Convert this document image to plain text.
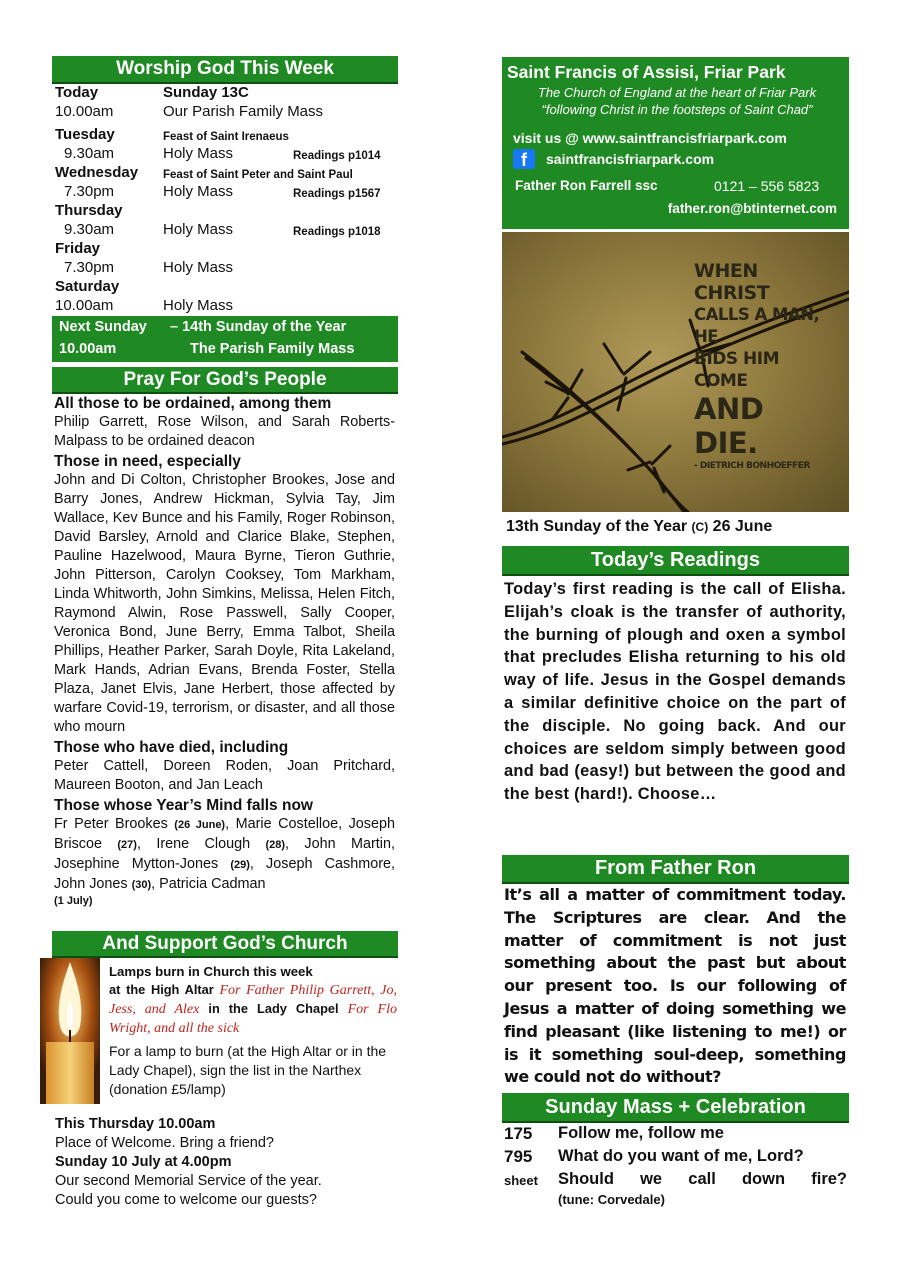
Worship God This Week
Today	Sunday 13C
10.00am	Our Parish Family Mass
Tuesday	Feast of Saint Irenaeus
9.30am	Holy Mass	Readings p1014
Wednesday Feast of Saint Peter and Saint Paul
7.30pm	Holy Mass	Readings p1567
Thursday
9.30am	Holy Mass	Readings p1018
Friday
7.30pm	Holy Mass
Saturday
10.00am	Holy Mass
Next Sunday – 14th Sunday of the Year
10.00am	The Parish Family Mass
Pray For God’s People
All those to be ordained, among them
Philip Garrett, Rose Wilson, and Sarah Roberts-Malpass to be ordained deacon
Those in need, especially
John and Di Colton, Christopher Brookes, Jose and Barry Jones, Andrew Hickman, Sylvia Tay, Jim Wallace, Kev Bunce and his Family, Roger Robinson, David Barsley, Arnold and Clarice Blake, Stephen, Pauline Hazelwood, Maura Byrne, Tieron Guthrie, John Pitterson, Carolyn Cooksey, Tom Markham, Linda Whitworth, John Simkins, Melissa, Helen Fitch, Raymond Alwin, Rose Passwell, Sally Cooper, Veronica Bond, June Berry, Emma Talbot, Sheila Phillips, Heather Parker, Sarah Doyle, Rita Lakeland, Mark Hands, Adrian Evans, Brenda Foster, Stella Plaza, Janet Elvis, Jane Herbert, those affected by warfare Covid-19, terrorism, or disaster, and all those who mourn
Those who have died, including
Peter Cattell, Doreen Roden, Joan Pritchard, Maureen Booton, and Jan Leach
Those whose Year’s Mind falls now
Fr Peter Brookes (26 June), Marie Costelloe, Joseph Briscoe (27), Irene Clough (28), John Martin, Josephine Mytton-Jones (29), Joseph Cashmore, John Jones (30), Patricia Cadman
(1 July)
And Support God’s Church
Lamps burn in Church this week
at the High Altar For Father Philip Garrett, Jo, Jess, and Alex in the Lady Chapel For Flo Wright, and all the sick
For a lamp to burn (at the High Altar or in the Lady Chapel), sign the list in the Narthex (donation £5/lamp)
This Thursday 10.00am
Place of Welcome. Bring a friend?
Sunday 10 July at 4.00pm
Our second Memorial Service of the year.
Could you come to welcome our guests?
Saint Francis of Assisi, Friar Park
The Church of England at the heart of Friar Park
“following Christ in the footsteps of Saint Chad”
visit us @ www.saintfrancisfriarpark.com
f	saintfrancisfriarpark.com
Father Ron Farrell ssc	0121 – 556 5823
father.ron@btinternet.com
WHEN CHRIST
CALLS A MAN, HE
BIDS HIM COME
AND DIE.
- DIETRICH BONHOEFFER
13th Sunday of the Year (C) 26 June
Today’s Readings
Today’s first reading is the call of Elisha. Elijah’s cloak is the transfer of authority, the burning of plough and oxen a symbol that precludes Elisha returning to his old way of life. Jesus in the Gospel demands a similar definitive choice on the part of the disciple. No going back. And our choices are seldom simply between good and bad (easy!) but between the good and the best (hard!). Choose…
From Father Ron
It’s all a matter of commitment today. The Scriptures are clear. And the matter of commitment is not just something about the past but about our present too. Is our following of Jesus a matter of doing something we find pleasant (like listening to me!) or is it something soul-deep, something we could not do without?
Sunday Mass + Celebration
175 Follow me, follow me
795 What do you want of me, Lord?
sheet Should we call down fire?
(tune: Corvedale)
